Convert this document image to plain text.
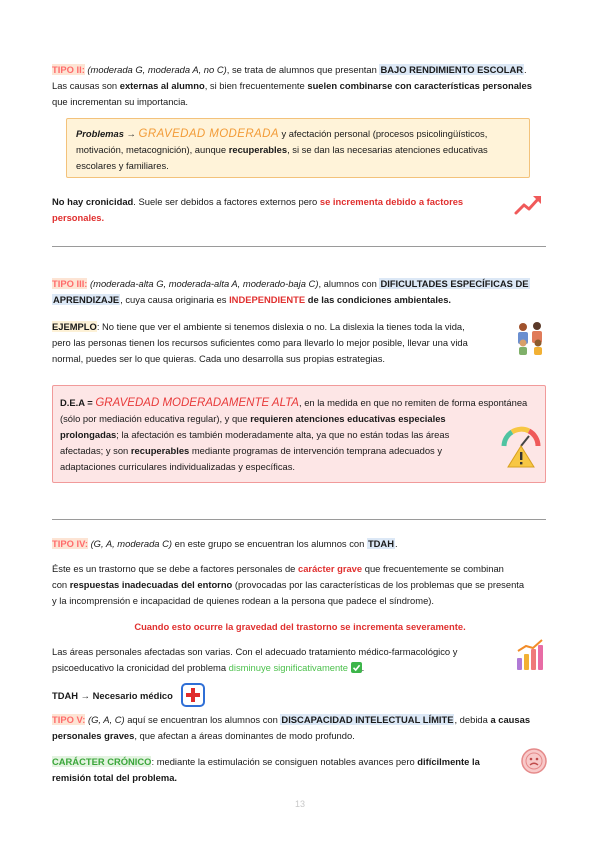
TIPO II: (moderada G, moderada A, no C), se trata de alumnos que presentan BAJO RENDIMIENTO ESCOLAR.

Las causas son externas al alumno, si bien frecuentemente suelen combinarse con características personales

que incrementan su importancia.

Problemas → GRAVEDAD MODERADA y afectación personal (procesos psicolingüísticos,

motivación, metacognición), aunque recuperables, si se dan las necesarias atenciones educativas

escolares y familiares.

No hay cronicidad. Suele ser debidos a factores externos pero se incrementa debido a factores

personales.

TIPO III: (moderada-alta G, moderada-alta A, moderado-baja C), alumnos con DIFICULTADES ESPECÍFICAS DE

APRENDIZAJE, cuya causa originaria es INDEPENDIENTE de las condiciones ambientales.

EJEMPLO: No tiene que ver el ambiente si tenemos dislexia o no. La dislexia la tienes toda la vida,

pero las personas tienen los recursos suficientes como para llevarlo lo mejor posible, llevar una vida

normal, puedes ser lo que quieras. Cada uno desarrolla sus propias estrategias.

D.E.A = GRAVEDAD MODERADAMENTE ALTA, en la medida en que no remiten de forma espontánea

(sólo por mediación educativa regular), y que requieren atenciones educativas especiales

prolongadas; la afectación es también moderadamente alta, ya que no están todas las áreas

afectadas; y son recuperables mediante programas de intervención temprana adecuados y

adaptaciones curriculares individualizadas y específicas.

TIPO IV: (G, A, moderada C) en este grupo se encuentran los alumnos con TDAH.

Éste es un trastorno que se debe a factores personales de carácter grave que frecuentemente se combinan

con respuestas inadecuadas del entorno (provocadas por las características de los problemas que se presenta

y la incomprensión e incapacidad de quienes rodean a la persona que padece el síndrome).

Cuando esto ocurre la gravedad del trastorno se incrementa severamente.

Las áreas personales afectadas son varias. Con el adecuado tratamiento médico-farmacológico y

psicoeducativo la cronicidad del problema disminuye significativamente .

TDAH → Necesario médico

TIPO V: (G, A, C) aquí se encuentran los alumnos con DISCAPACIDAD INTELECTUAL LÍMITE, debida a causas

personales graves, que afectan a áreas dominantes de modo profundo.

CARÁCTER CRÓNICO: mediante la estimulación se consiguen notables avances pero difícilmente la

remisión total del problema.

13
